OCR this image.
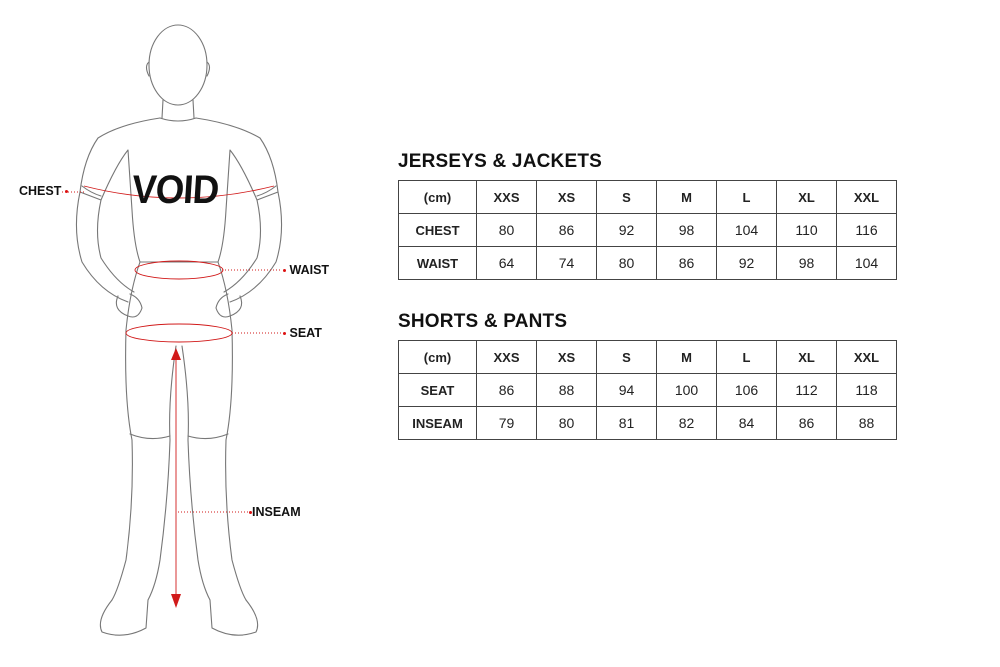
VOID
CHEST
WAIST
SEAT
INSEAM
JERSEYS & JACKETS
(cm)	XXS	XS	S	M	L	XL	XXL
CHEST	80	86	92	98	104	110	116
WAIST	64	74	80	86	92	98	104
SHORTS & PANTS
(cm)	XXS	XS	S	M	L	XL	XXL
SEAT	86	88	94	100	106	112	118
INSEAM	79	80	81	82	84	86	88
